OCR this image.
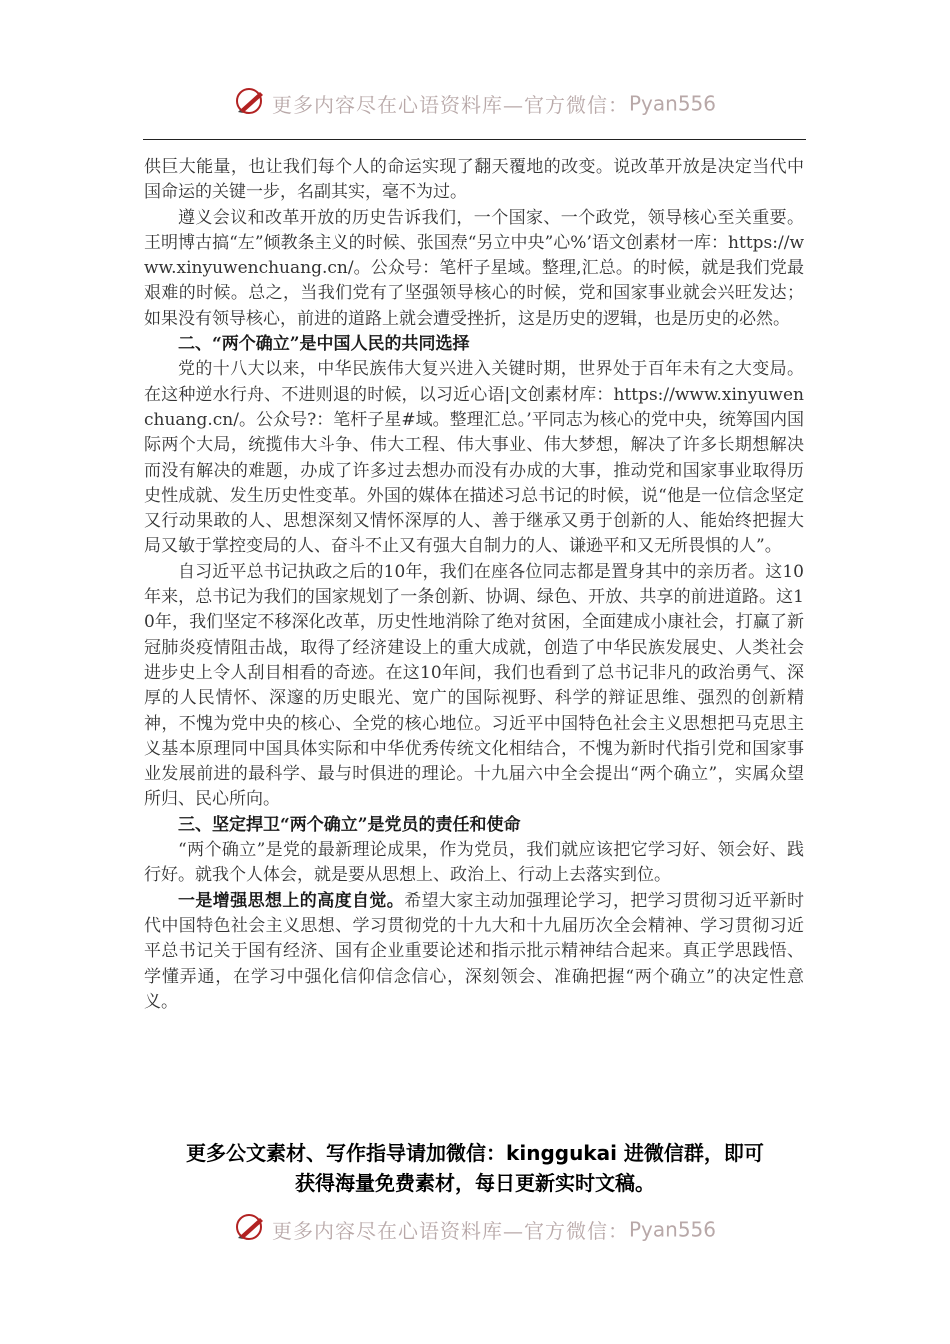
更多内容尽在心语资料库—官方微信：Pyan556

供巨大能量，也让我们每个人的命运实现了翻天覆地的改变。说改革开放是决定当代中国命运的关键一步，名副其实，毫不为过。

遵义会议和改革开放的历史告诉我们，一个国家、一个政党，领导核心至关重要。王明博古搞“左”倾教条主义的时候、张国焘“另立中央”心%’语文创素材一库：https://www.xinyuwenchuang.cn/。公众号：笔杆子星域。整理,汇总。的时候，就是我们党最艰难的时候。总之，当我们党有了坚强领导核心的时候，党和国家事业就会兴旺发达；如果没有领导核心，前进的道路上就会遭受挫折，这是历史的逻辑，也是历史的必然。

二、“两个确立”是中国人民的共同选择

党的十八大以来，中华民族伟大复兴进入关键时期，世界处于百年未有之大变局。在这种逆水行舟、不进则退的时候，以习近心语|文创素材库：https://www.xinyuwenchuang.cn/。公众号?：笔杆子星#域。整理汇总。’平同志为核心的党中央，统筹国内国际两个大局，统揽伟大斗争、伟大工程、伟大事业、伟大梦想，解决了许多长期想解决而没有解决的难题，办成了许多过去想办而没有办成的大事，推动党和国家事业取得历史性成就、发生历史性变革。外国的媒体在描述习总书记的时候，说“他是一位信念坚定又行动果敢的人、思想深刻又情怀深厚的人、善于继承又勇于创新的人、能始终把握大局又敏于掌控变局的人、奋斗不止又有强大自制力的人、谦逊平和又无所畏惧的人”。

自习近平总书记执政之后的10年，我们在座各位同志都是置身其中的亲历者。这10年来，总书记为我们的国家规划了一条创新、协调、绿色、开放、共享的前进道路。这10年，我们坚定不移深化改革，历史性地消除了绝对贫困，全面建成小康社会，打赢了新冠肺炎疫情阻击战，取得了经济建设上的重大成就，创造了中华民族发展史、人类社会进步史上令人刮目相看的奇迹。在这10年间，我们也看到了总书记非凡的政治勇气、深厚的人民情怀、深邃的历史眼光、宽广的国际视野、科学的辩证思维、强烈的创新精神，不愧为党中央的核心、全党的核心地位。习近平中国特色社会主义思想把马克思主义基本原理同中国具体实际和中华优秀传统文化相结合，不愧为新时代指引党和国家事业发展前进的最科学、最与时俱进的理论。十九届六中全会提出“两个确立”，实属众望所归、民心所向。

三、坚定捍卫“两个确立”是党员的责任和使命

“两个确立”是党的最新理论成果，作为党员，我们就应该把它学习好、领会好、践行好。就我个人体会，就是要从思想上、政治上、行动上去落实到位。

一是增强思想上的高度自觉。希望大家主动加强理论学习，把学习贯彻习近平新时代中国特色社会主义思想、学习贯彻党的十九大和十九届历次全会精神、学习贯彻习近平总书记关于国有经济、国有企业重要论述和指示批示精神结合起来。真正学思践悟、学懂弄通，在学习中强化信仰信念信心，深刻领会、准确把握“两个确立”的决定性意义。

更多公文素材、写作指导请加微信：kinggukai 进微信群，即可
获得海量免费素材，每日更新实时文稿。
更多内容尽在心语资料库—官方微信：Pyan556
